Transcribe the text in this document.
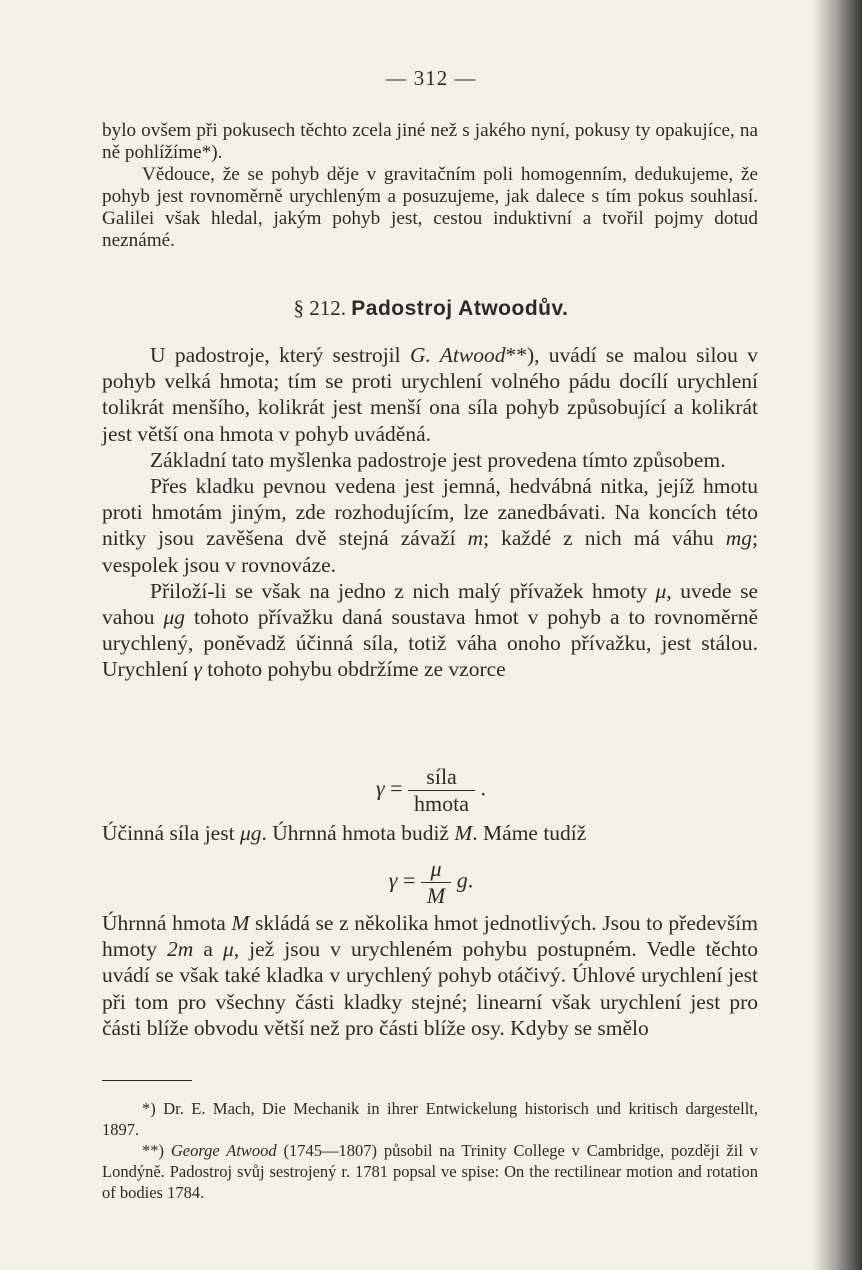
— 312 —

bylo ovšem při pokusech těchto zcela jiné než s jakého nyní, pokusy ty opakujíce, na ně pohlížíme*).

Vědouce, že se pohyb děje v gravitačním poli homogenním, dedukujeme, že pohyb jest rovnoměrně urychleným a posuzujeme, jak dalece s tím pokus souhlasí. Galilei však hledal, jakým pohyb jest, cestou induktivní a tvořil pojmy dotud neznámé.

§ 212. Padostroj Atwoodův.

U padostroje, který sestrojil G. Atwood**), uvádí se malou silou v pohyb velká hmota; tím se proti urychlení volného pádu docílí urychlení tolikrát menšího, kolikrát jest menší ona síla pohyb způsobující a kolikrát jest větší ona hmota v pohyb uváděná.

Základní tato myšlenka padostroje jest provedena tímto způsobem.

Přes kladku pevnou vedena jest jemná, hedvábná nitka, jejíž hmotu proti hmotám jiným, zde rozhodujícím, lze zanedbávati. Na koncích této nitky jsou zavěšena dvě stejná závaží m; každé z nich má váhu mg; vespolek jsou v rovnováze.

Přiloží-li se však na jedno z nich malý přívažek hmoty μ, uvede se vahou μg tohoto přívažku daná soustava hmot v pohyb a to rovnoměrně urychlený, poněvadž účinná síla, totiž váha onoho přívažku, jest stálou. Urychlení γ tohoto pohybu obdržíme ze vzorce

$\gamma = \frac{\text{síla}}{\text{hmota}}$ .

Účinná síla jest μg. Úhrnná hmota budiž M. Máme tudíž

$\gamma = \frac{\mu}{M} g$.

Úhrnná hmota M skládá se z několika hmot jednotlivých. Jsou to především hmoty 2m a μ, jež jsou v urychleném pohybu postupném. Vedle těchto uvádí se však také kladka v urychlený pohyb otáčivý. Úhlové urychlení jest při tom pro všechny části kladky stejné; linearní však urychlení jest pro části blíže obvodu větší než pro části blíže osy. Kdyby se smělo

*) Dr. E. Mach, Die Mechanik in ihrer Entwickelung historisch und kritisch dargestellt, 1897.

**) George Atwood (1745—1807) působil na Trinity College v Cambridge, později žil v Londýně. Padostroj svůj sestrojený r. 1781 popsal ve spise: On the rectilinear motion and rotation of bodies 1784.
